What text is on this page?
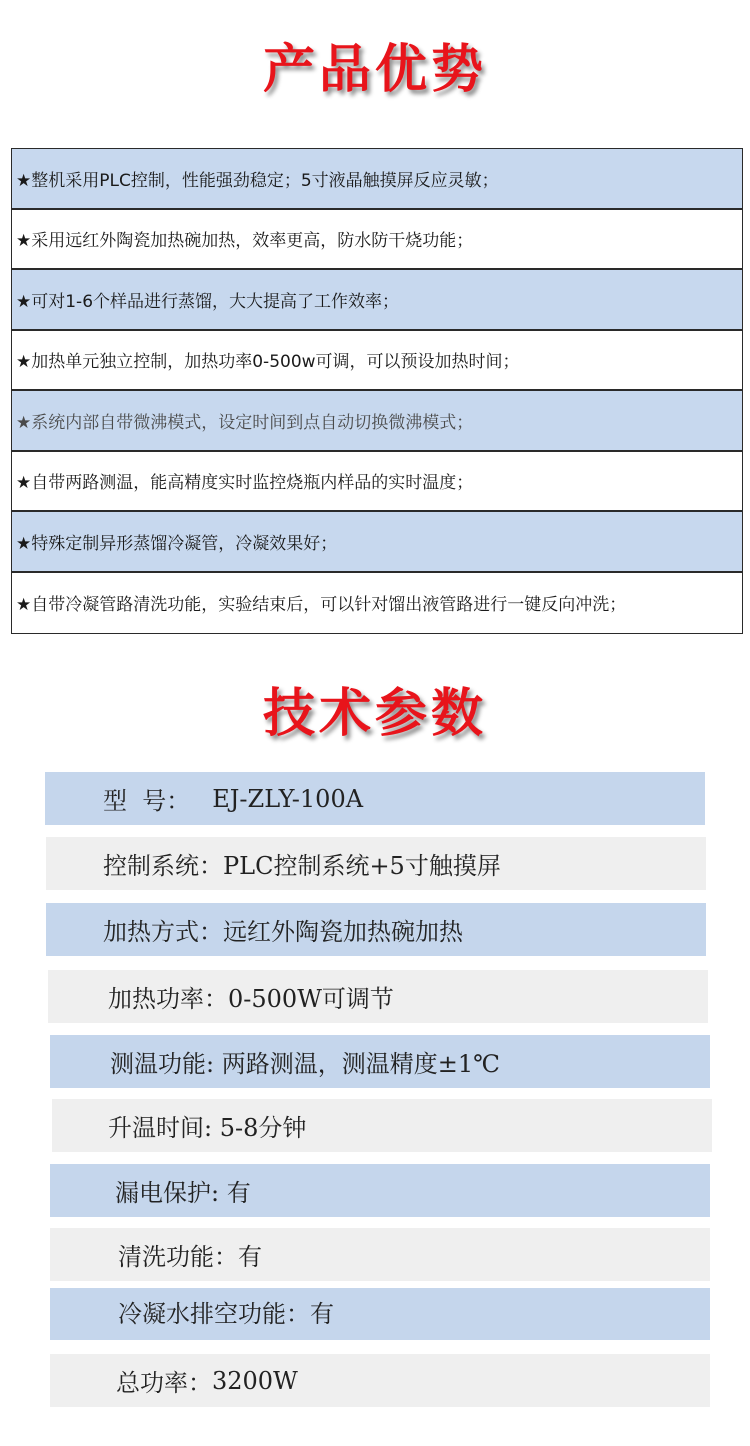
产品优势
★整机采用PLC控制，性能强劲稳定；5寸液晶触摸屏反应灵敏；
★采用远红外陶瓷加热碗加热，效率更高，防水防干烧功能；
★可对1-6个样品进行蒸馏，大大提高了工作效率；
★加热单元独立控制，加热功率0-500w可调，可以预设加热时间；
★系统内部自带微沸模式，设定时间到点自动切换微沸模式；
★自带两路测温，能高精度实时监控烧瓶内样品的实时温度；
★特殊定制异形蒸馏冷凝管，冷凝效果好；
★自带冷凝管路清洗功能，实验结束后，可以针对馏出液管路进行一键反向冲洗；
技术参数
型  号： EJ-ZLY-100A
控制系统： PLC控制系统+5寸触摸屏
加热方式： 远红外陶瓷加热碗加热
加热功率： 0-500W可调节
测温功能: 两路测温，测温精度±1℃
升温时间: 5-8分钟
漏电保护: 有
清洗功能： 有
冷凝水排空功能： 有
总功率： 3200W
